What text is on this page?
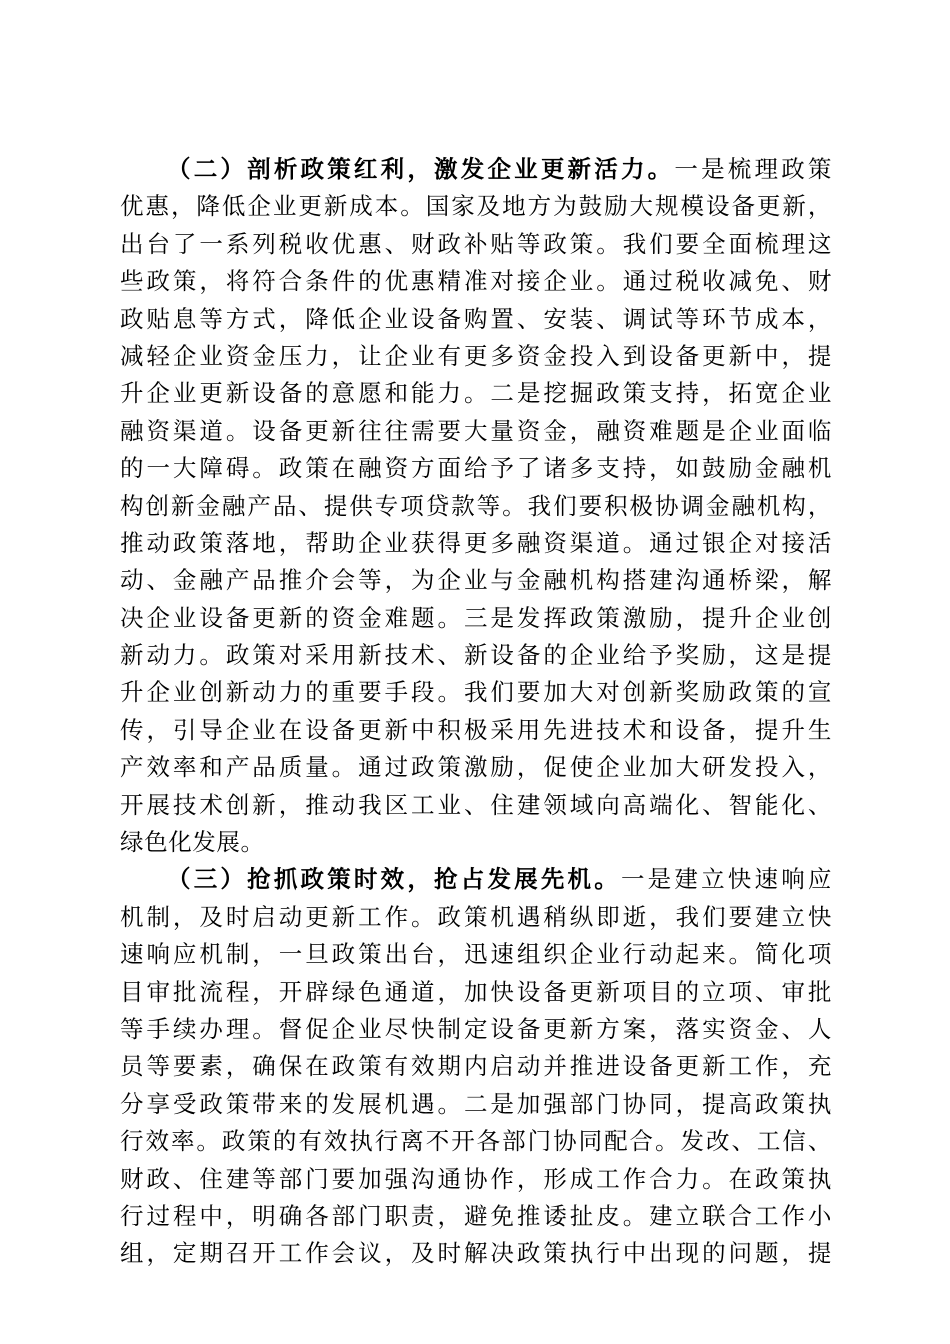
（二）剖析政策红利，激发企业更新活力。一是梳理政策
优惠，降低企业更新成本。国家及地方为鼓励大规模设备更新，
出台了一系列税收优惠、财政补贴等政策。我们要全面梳理这
些政策，将符合条件的优惠精准对接企业。通过税收减免、财
政贴息等方式，降低企业设备购置、安装、调试等环节成本，
减轻企业资金压力，让企业有更多资金投入到设备更新中，提
升企业更新设备的意愿和能力。二是挖掘政策支持，拓宽企业
融资渠道。设备更新往往需要大量资金，融资难题是企业面临
的一大障碍。政策在融资方面给予了诸多支持，如鼓励金融机
构创新金融产品、提供专项贷款等。我们要积极协调金融机构，
推动政策落地，帮助企业获得更多融资渠道。通过银企对接活
动、金融产品推介会等，为企业与金融机构搭建沟通桥梁，解
决企业设备更新的资金难题。三是发挥政策激励，提升企业创
新动力。政策对采用新技术、新设备的企业给予奖励，这是提
升企业创新动力的重要手段。我们要加大对创新奖励政策的宣
传，引导企业在设备更新中积极采用先进技术和设备，提升生
产效率和产品质量。通过政策激励，促使企业加大研发投入，
开展技术创新，推动我区工业、住建领域向高端化、智能化、
绿色化发展。
（三）抢抓政策时效，抢占发展先机。一是建立快速响应
机制，及时启动更新工作。政策机遇稍纵即逝，我们要建立快
速响应机制，一旦政策出台，迅速组织企业行动起来。简化项
目审批流程，开辟绿色通道，加快设备更新项目的立项、审批
等手续办理。督促企业尽快制定设备更新方案，落实资金、人
员等要素，确保在政策有效期内启动并推进设备更新工作，充
分享受政策带来的发展机遇。二是加强部门协同，提高政策执
行效率。政策的有效执行离不开各部门协同配合。发改、工信、
财政、住建等部门要加强沟通协作，形成工作合力。在政策执
行过程中，明确各部门职责，避免推诿扯皮。建立联合工作小
组，定期召开工作会议，及时解决政策执行中出现的问题，提
